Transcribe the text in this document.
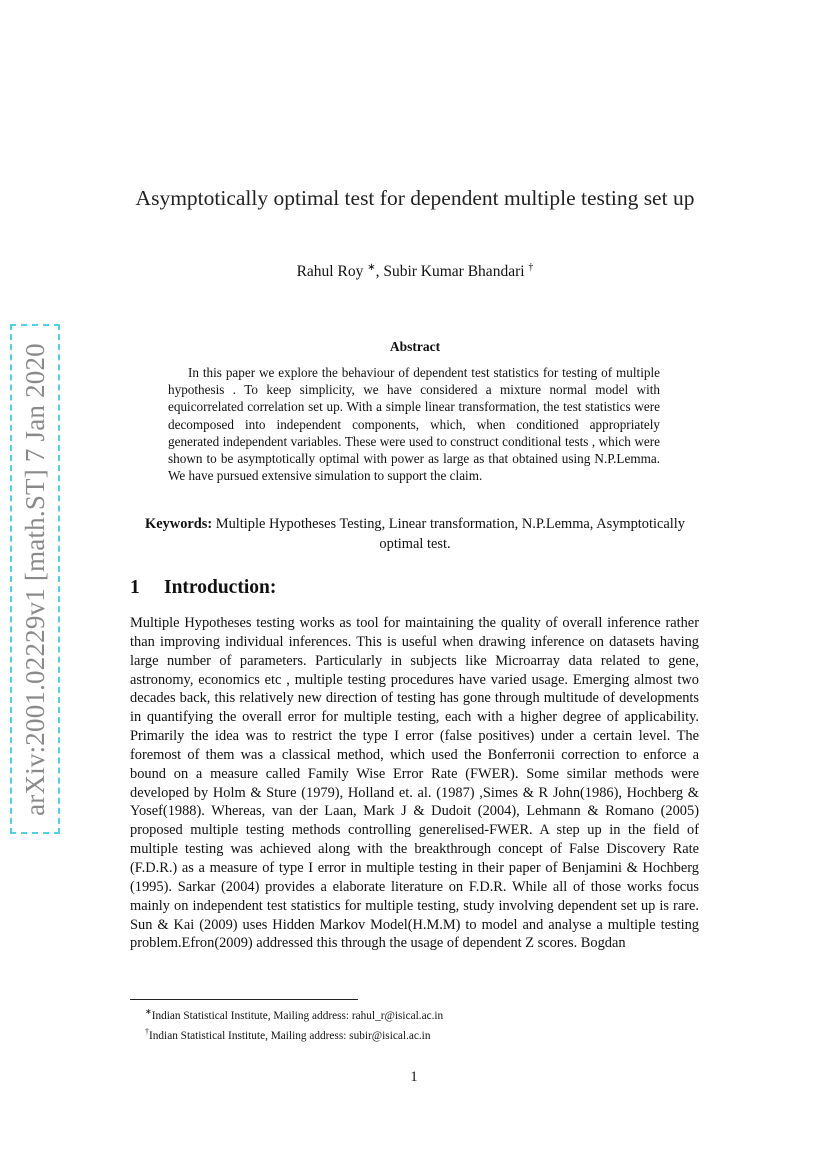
arXiv:2001.02229v1 [math.ST] 7 Jan 2020
Asymptotically optimal test for dependent multiple testing set up
Rahul Roy ∗, Subir Kumar Bhandari †
Abstract
In this paper we explore the behaviour of dependent test statistics for testing of multiple hypothesis . To keep simplicity, we have considered a mixture normal model with equicorrelated correlation set up. With a simple linear transformation, the test statistics were decomposed into independent components, which, when conditioned appropriately generated independent variables. These were used to construct conditional tests , which were shown to be asymptotically optimal with power as large as that obtained using N.P.Lemma. We have pursued extensive simulation to support the claim.
Keywords: Multiple Hypotheses Testing, Linear transformation, N.P.Lemma, Asymptotically optimal test.
1 Introduction:
Multiple Hypotheses testing works as tool for maintaining the quality of overall inference rather than improving individual inferences. This is useful when drawing inference on datasets having large number of parameters. Particularly in subjects like Microarray data related to gene, astronomy, economics etc , multiple testing procedures have varied usage. Emerging almost two decades back, this relatively new direction of testing has gone through multitude of developments in quantifying the overall error for multiple testing, each with a higher degree of applicability. Primarily the idea was to restrict the type I error (false positives) under a certain level. The foremost of them was a classical method, which used the Bonferronii correction to enforce a bound on a measure called Family Wise Error Rate (FWER). Some similar methods were developed by Holm & Sture (1979), Holland et. al. (1987) ,Simes & R John(1986), Hochberg & Yosef(1988). Whereas, van der Laan, Mark J & Dudoit (2004), Lehmann & Romano (2005) proposed multiple testing methods controlling generelised-FWER. A step up in the field of multiple testing was achieved along with the breakthrough concept of False Discovery Rate (F.D.R.) as a measure of type I error in multiple testing in their paper of Benjamini & Hochberg (1995). Sarkar (2004) provides a elaborate literature on F.D.R. While all of those works focus mainly on independent test statistics for multiple testing, study involving dependent set up is rare. Sun & Kai (2009) uses Hidden Markov Model(H.M.M) to model and analyse a multiple testing problem.Efron(2009) addressed this through the usage of dependent Z scores. Bogdan
∗Indian Statistical Institute, Mailing address: rahul_r@isical.ac.in
†Indian Statistical Institute, Mailing address: subir@isical.ac.in
1
